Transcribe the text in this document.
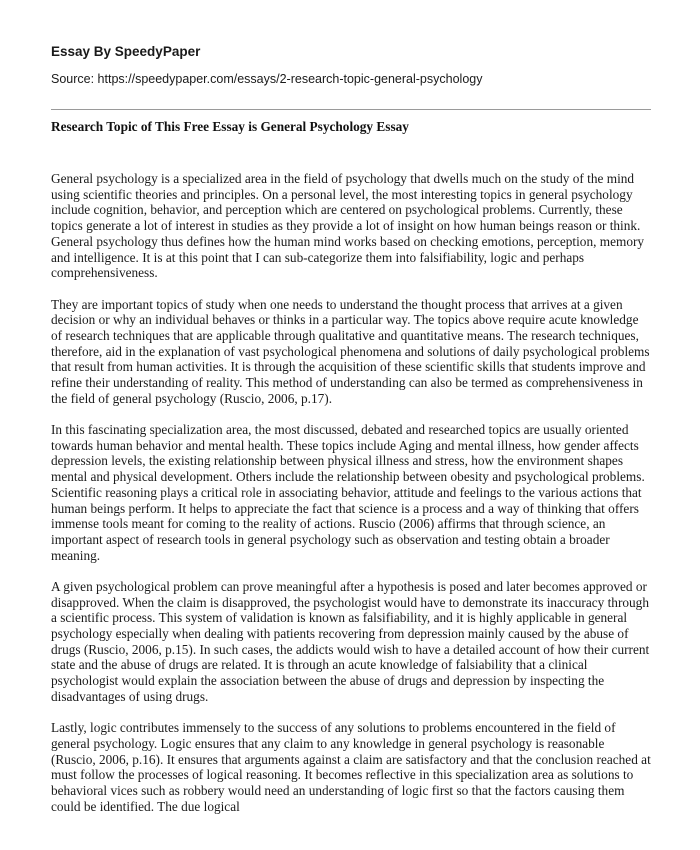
Essay By SpeedyPaper

Source: https://speedypaper.com/essays/2-research-topic-general-psychology

Research Topic of This Free Essay is General Psychology Essay

General psychology is a specialized area in the field of psychology that dwells much on the study of the mind using scientific theories and principles. On a personal level, the most interesting topics in general psychology include cognition, behavior, and perception which are centered on psychological problems. Currently, these topics generate a lot of interest in studies as they provide a lot of insight on how human beings reason or think. General psychology thus defines how the human mind works based on checking emotions, perception, memory and intelligence. It is at this point that I can sub-categorize them into falsifiability, logic and perhaps comprehensiveness.

They are important topics of study when one needs to understand the thought process that arrives at a given decision or why an individual behaves or thinks in a particular way. The topics above require acute knowledge of research techniques that are applicable through qualitative and quantitative means. The research techniques, therefore, aid in the explanation of vast psychological phenomena and solutions of daily psychological problems that result from human activities. It is through the acquisition of these scientific skills that students improve and refine their understanding of reality. This method of understanding can also be termed as comprehensiveness in the field of general psychology (Ruscio, 2006, p.17).

In this fascinating specialization area, the most discussed, debated and researched topics are usually oriented towards human behavior and mental health. These topics include Aging and mental illness, how gender affects depression levels, the existing relationship between physical illness and stress, how the environment shapes mental and physical development. Others include the relationship between obesity and psychological problems. Scientific reasoning plays a critical role in associating behavior, attitude and feelings to the various actions that human beings perform. It helps to appreciate the fact that science is a process and a way of thinking that offers immense tools meant for coming to the reality of actions. Ruscio (2006) affirms that through science, an important aspect of research tools in general psychology such as observation and testing obtain a broader meaning.

A given psychological problem can prove meaningful after a hypothesis is posed and later becomes approved or disapproved. When the claim is disapproved, the psychologist would have to demonstrate its inaccuracy through a scientific process. This system of validation is known as falsifiability, and it is highly applicable in general psychology especially when dealing with patients recovering from depression mainly caused by the abuse of drugs (Ruscio, 2006, p.15). In such cases, the addicts would wish to have a detailed account of how their current state and the abuse of drugs are related. It is through an acute knowledge of falsiability that a clinical psychologist would explain the association between the abuse of drugs and depression by inspecting the disadvantages of using drugs.

Lastly, logic contributes immensely to the success of any solutions to problems encountered in the field of general psychology. Logic ensures that any claim to any knowledge in general psychology is reasonable (Ruscio, 2006, p.16). It ensures that arguments against a claim are satisfactory and that the conclusion reached at must follow the processes of logical reasoning. It becomes reflective in this specialization area as solutions to behavioral vices such as robbery would need an understanding of logic first so that the factors causing them could be identified. The due logical
